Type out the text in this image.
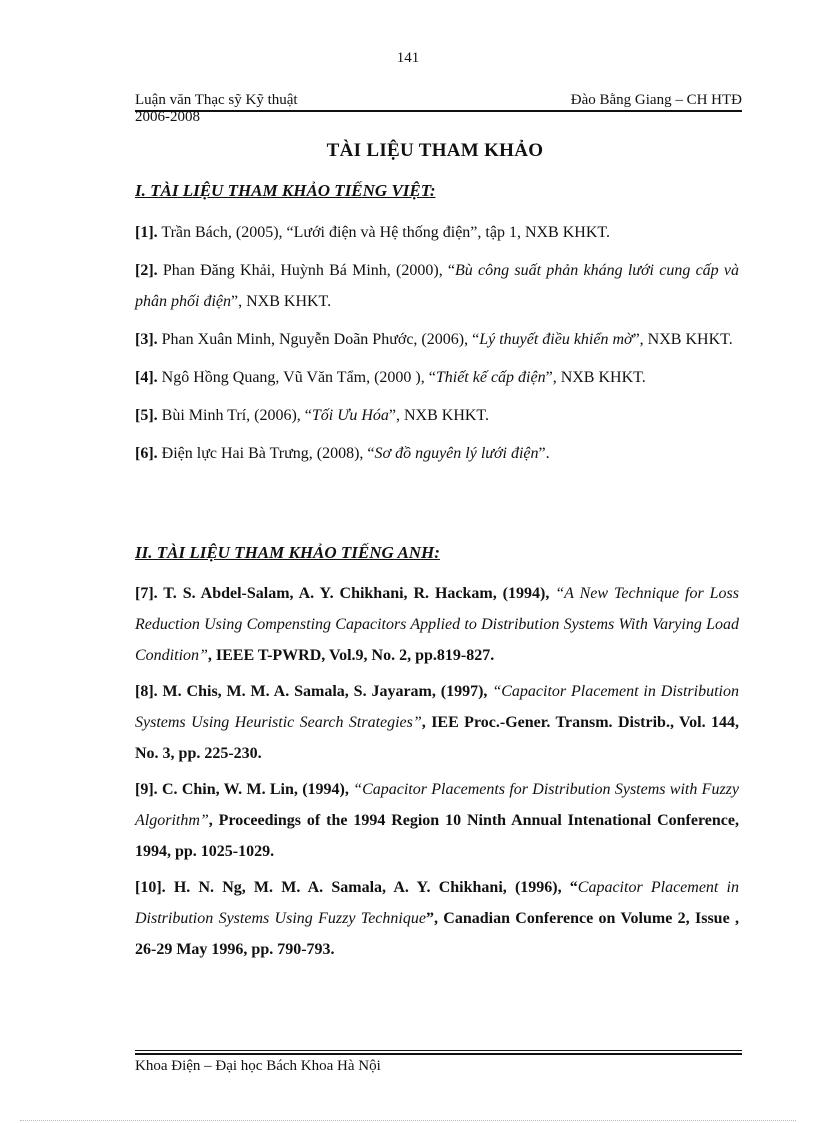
141
Luận văn Thạc sỹ Kỹ thuật	Đào Bằng Giang – CH HTĐ
2006-2008
TÀI LIỆU THAM KHẢO
I. TÀI LIỆU THAM KHẢO TIẾNG VIỆT:

[1]. Trần Bách, (2005), “Lưới điện và Hệ thống điện”, tập 1, NXB KHKT.

[2]. Phan Đăng Khải, Huỳnh Bá Minh, (2000), “Bù công suất phản kháng lưới cung cấp và phân phối điện”, NXB KHKT.

[3]. Phan Xuân Minh, Nguyễn Doãn Phước, (2006), “Lý thuyết điều khiển mờ”, NXB KHKT.

[4]. Ngô Hồng Quang, Vũ Văn Tẩm, (2000 ), “Thiết kế cấp điện”, NXB KHKT.

[5]. Bùi Minh Trí, (2006), “Tối Ưu Hóa”, NXB KHKT.

[6]. Điện lực Hai Bà Trưng, (2008), “Sơ đồ nguyên lý lưới điện”.

II. TÀI LIỆU THAM KHẢO TIẾNG ANH:

[7]. T. S. Abdel-Salam, A. Y. Chikhani, R. Hackam, (1994), “A New Technique for Loss Reduction Using Compensting Capacitors Applied to Distribution Systems With Varying Load Condition”, IEEE T-PWRD, Vol.9, No. 2, pp.819-827.

[8]. M. Chis, M. M. A. Samala, S. Jayaram, (1997), “Capacitor Placement in Distribution Systems Using Heuristic Search Strategies”, IEE Proc.-Gener. Transm. Distrib., Vol. 144, No. 3, pp. 225-230.

[9]. C. Chin, W. M. Lin, (1994), “Capacitor Placements for Distribution Systems with Fuzzy Algorithm”, Proceedings of the 1994 Region 10 Ninth Annual Intenational Conference, 1994, pp. 1025-1029.

[10]. H. N. Ng, M. M. A. Samala, A. Y. Chikhani, (1996), “Capacitor Placement in Distribution Systems Using Fuzzy Technique”, Canadian Conference on Volume 2, Issue , 26-29 May 1996, pp. 790-793.

Khoa Điện – Đại học Bách Khoa Hà Nội
